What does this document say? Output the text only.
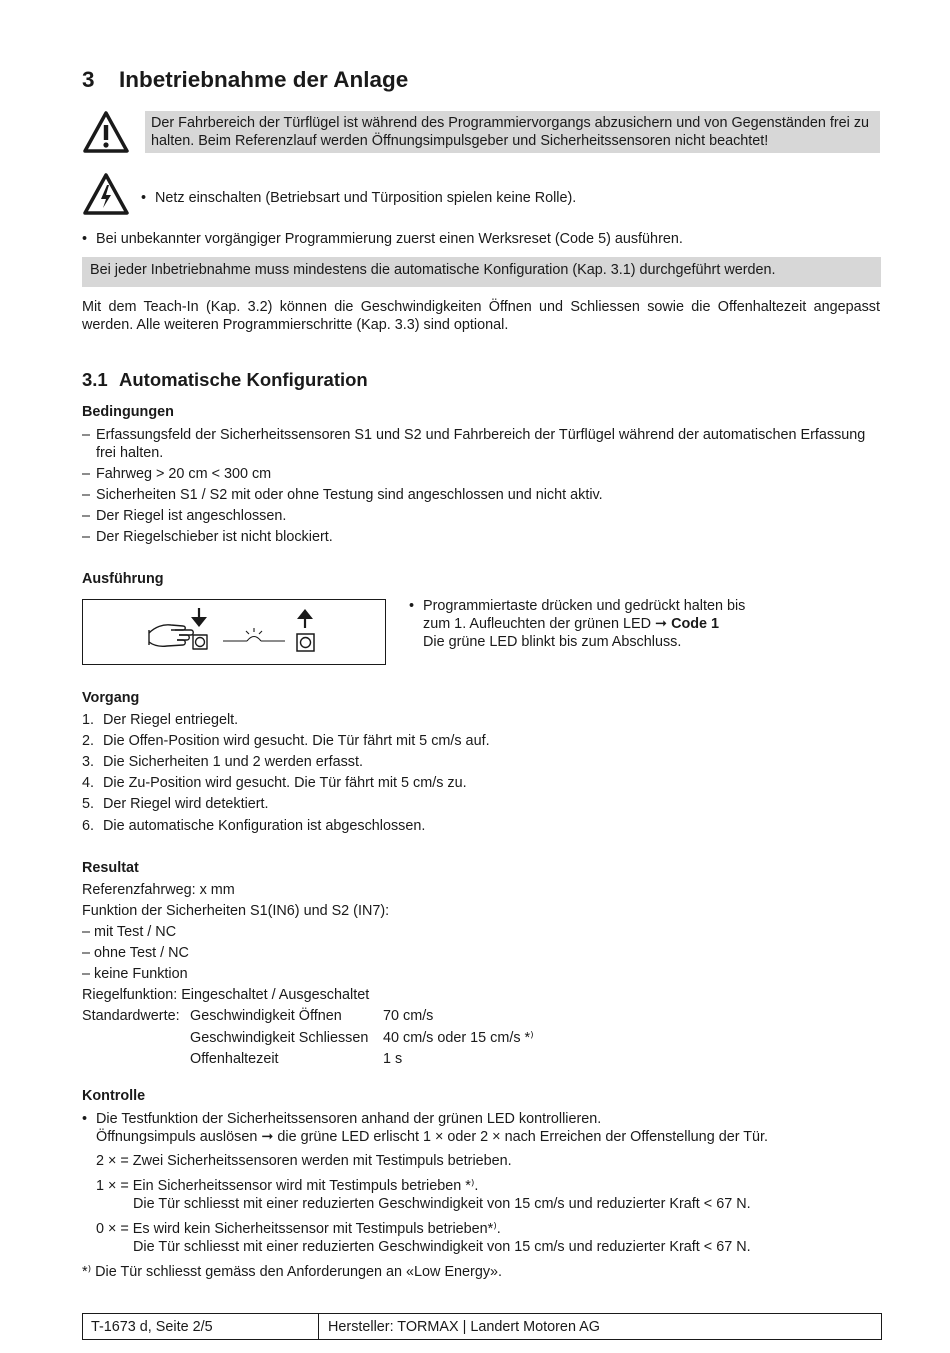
3 Inbetriebnahme der Anlage
Der Fahrbereich der Türflügel ist während des Programmiervorgangs abzusichern und von Gegenständen frei zu halten. Beim Referenzlauf werden Öffnungsimpulsgeber und Sicherheitssensoren nicht beachtet!
• Netz einschalten (Betriebsart und Türposition spielen keine Rolle).
• Bei unbekannter vorgängiger Programmierung zuerst einen Werksreset (Code 5) ausführen.
Bei jeder Inbetriebnahme muss mindestens die automatische Konfiguration (Kap. 3.1) durchgeführt werden.
Mit dem Teach-In (Kap. 3.2) können die Geschwindigkeiten Öffnen und Schliessen sowie die Offenhaltezeit angepasst werden. Alle weiteren Programmierschritte (Kap. 3.3) sind optional.
3.1 Automatische Konfiguration
Bedingungen
– Erfassungsfeld der Sicherheitssensoren S1 und S2 und Fahrbereich der Türflügel während der automatischen Erfassung
frei halten.
– Fahrweg > 20 cm < 300 cm
– Sicherheiten S1 / S2 mit oder ohne Testung sind angeschlossen und nicht aktiv.
– Der Riegel ist angeschlossen.
– Der Riegelschieber ist nicht blockiert.
Ausführung
• Programmiertaste drücken und gedrückt halten bis
zum 1. Aufleuchten der grünen LED ➞ Code 1
Die grüne LED blinkt bis zum Abschluss.
Vorgang
1. Der Riegel entriegelt.
2. Die Offen-Position wird gesucht. Die Tür fährt mit 5 cm/s auf.
3. Die Sicherheiten 1 und 2 werden erfasst.
4. Die Zu-Position wird gesucht. Die Tür fährt mit 5 cm/s zu.
5. Der Riegel wird detektiert.
6. Die automatische Konfiguration ist abgeschlossen.
Resultat
Referenzfahrweg: x mm
Funktion der Sicherheiten S1(IN6) und S2 (IN7):
– mit Test / NC
– ohne Test / NC
– keine Funktion
Riegelfunktion: Eingeschaltet / Ausgeschaltet
Standardwerte: Geschwindigkeit Öffnen	70 cm/s
Geschwindigkeit Schliessen 40 cm/s oder 15 cm/s *⁾
Offenhaltezeit	1 s
Kontrolle
• Die Testfunktion der Sicherheitssensoren anhand der grünen LED kontrollieren.
Öffnungsimpuls auslösen ➞ die grüne LED erlischt 1 × oder 2 × nach Erreichen der Offenstellung der Tür.
2 × = Zwei Sicherheitssensoren werden mit Testimpuls betrieben.
1 × = Ein Sicherheitssensor wird mit Testimpuls betrieben *⁾.
Die Tür schliesst mit einer reduzierten Geschwindigkeit von 15 cm/s und reduzierter Kraft < 67 N.
0 × = Es wird kein Sicherheitssensor mit Testimpuls betrieben*⁾.
Die Tür schliesst mit einer reduzierten Geschwindigkeit von 15 cm/s und reduzierter Kraft < 67 N.
*⁾ Die Tür schliesst gemäss den Anforderungen an «Low Energy».
T-1673 d, Seite 2/5	Hersteller: TORMAX | Landert Motoren AG
